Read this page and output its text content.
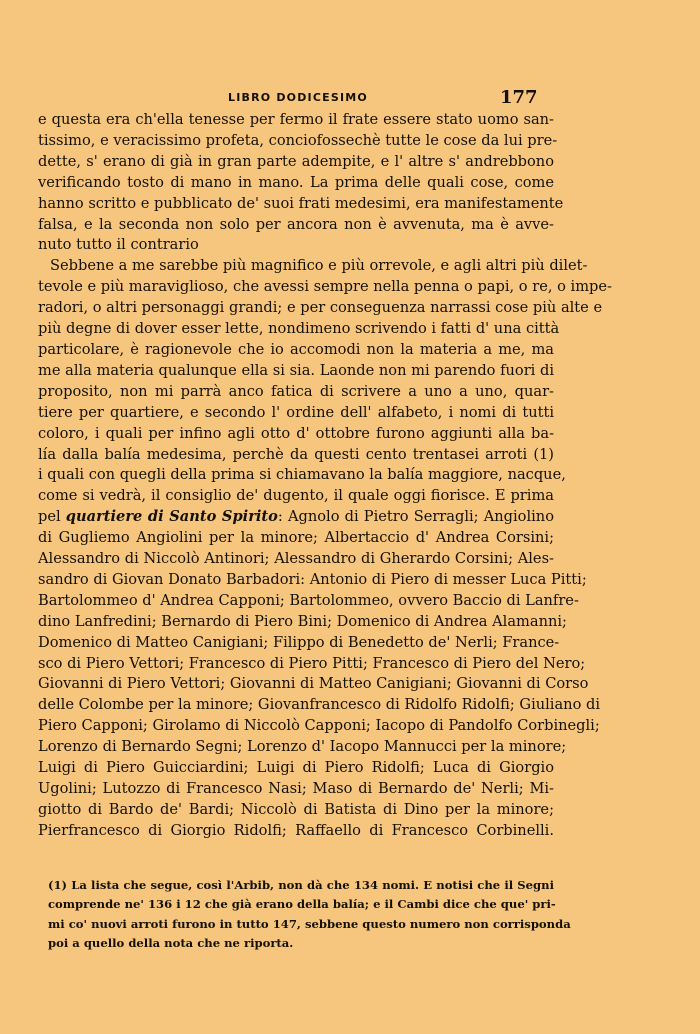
LIBRO DODICESIMO	177
e questa era ch'ella tenesse per fermo il frate essere stato uomo san-
tissimo, e veracissimo profeta, conciofossechè tutte le cose da lui pre-
dette, s' erano di già in gran parte adempite, e l' altre s' andrebbono
verificando tosto di mano in mano. La prima delle quali cose, come
hanno scritto e pubblicato de' suoi frati medesimi, era manifestamente
falsa, e la seconda non solo per ancora non è avvenuta, ma è avve-
nuto tutto il contrario
Sebbene a me sarebbe più magnifico e più orrevole, e agli altri più dilet-
tevole e più maraviglioso, che avessi sempre nella penna o papi, o re, o impe-
radori, o altri personaggi grandi; e per conseguenza narrassi cose più alte e
più degne di dover esser lette, nondimeno scrivendo i fatti d' una città
particolare, è ragionevole che io accomodi non la materia a me, ma
me alla materia qualunque ella si sia. Laonde non mi parendo fuori di
proposito, non mi parrà anco fatica di scrivere a uno a uno, quar-
tiere per quartiere, e secondo l' ordine dell' alfabeto, i nomi di tutti
coloro, i quali per infino agli otto d' ottobre furono aggiunti alla ba-
lía dalla balía medesima, perchè da questi cento trentasei arroti (1)
i quali con quegli della prima si chiamavano la balía maggiore, nacque,
come si vedrà, il consiglio de' dugento, il quale oggi fiorisce. E prima
pel quartiere di Santo Spirito: Agnolo di Pietro Serragli; Angiolino
di Gugliemo Angiolini per la minore; Albertaccio d' Andrea Corsini;
Alessandro di Niccolò Antinori; Alessandro di Gherardo Corsini; Ales-
sandro di Giovan Donato Barbadori: Antonio di Piero di messer Luca Pitti;
Bartolommeo d' Andrea Capponi; Bartolommeo, ovvero Baccio di Lanfre-
dino Lanfredini; Bernardo di Piero Bini; Domenico di Andrea Alamanni;
Domenico di Matteo Canigiani; Filippo di Benedetto de' Nerli; France-
sco di Piero Vettori; Francesco di Piero Pitti; Francesco di Piero del Nero;
Giovanni di Piero Vettori; Giovanni di Matteo Canigiani; Giovanni di Corso
delle Colombe per la minore; Giovanfrancesco di Ridolfo Ridolfi; Giuliano di
Piero Capponi; Girolamo di Niccolò Capponi; Iacopo di Pandolfo Corbinegli;
Lorenzo di Bernardo Segni; Lorenzo d' Iacopo Mannucci per la minore;
Luigi di Piero Guicciardini; Luigi di Piero Ridolfi; Luca di Giorgio
Ugolini; Lutozzo di Francesco Nasi; Maso di Bernardo de' Nerli; Mi-
giotto di Bardo de' Bardi; Niccolò di Batista di Dino per la minore;
Pierfrancesco di Giorgio Ridolfi; Raffaello di Francesco Corbinelli.
(1) La lista che segue, così l'Arbib, non dà che 134 nomi. E notisi che il Segni
comprende ne' 136 i 12 che già erano della balía; e il Cambi dice che que' pri-
mi co' nuovi arroti furono in tutto 147, sebbene questo numero non corrisponda
poi a quello della nota che ne riporta.
